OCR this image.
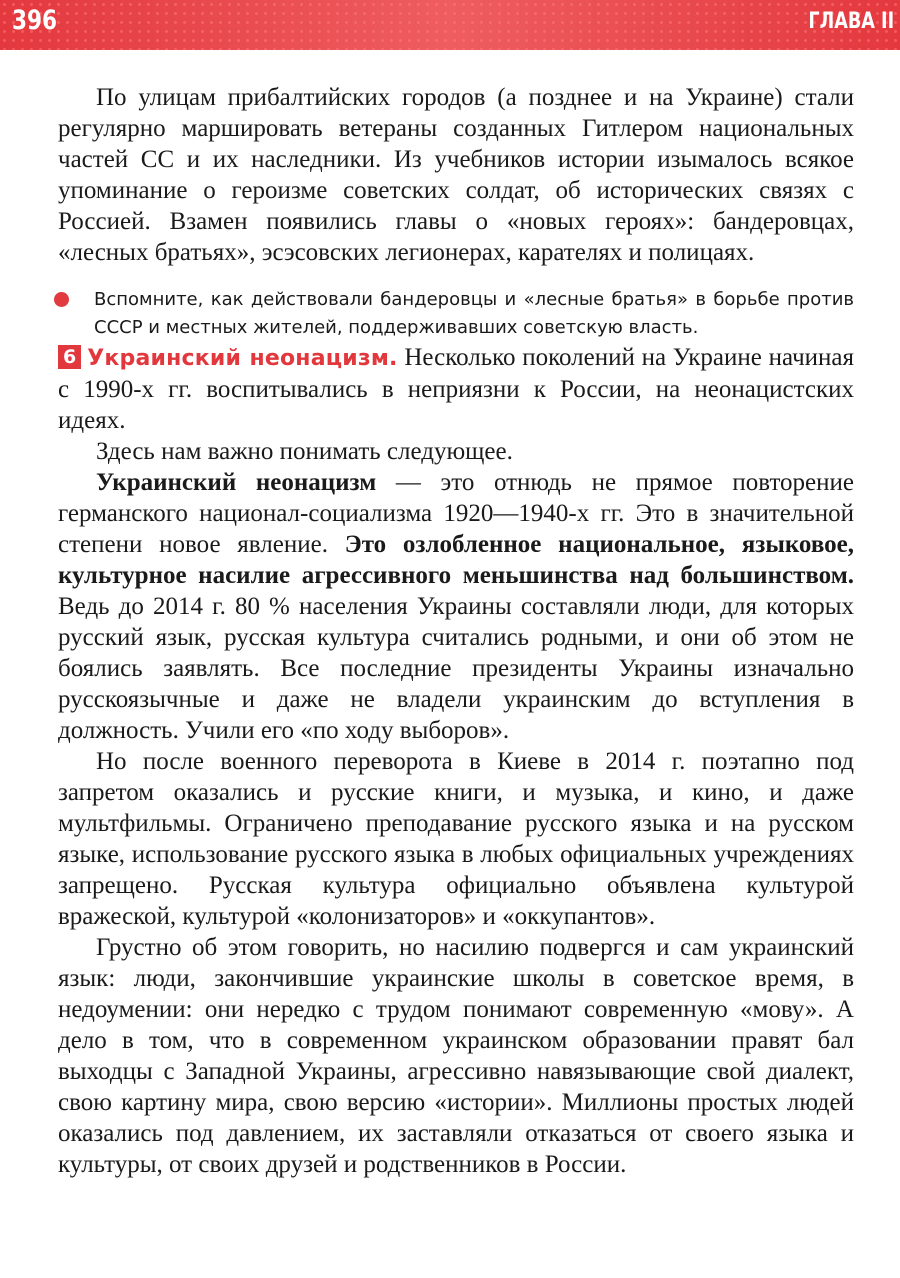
396	ГЛАВА II

По улицам прибалтийских городов (а позднее и на Украине) стали регулярно маршировать ветераны созданных Гитлером национальных частей СС и их наследники. Из учебников истории изымалось всякое упоминание о героизме советских солдат, об исторических связях с Россией. Взамен появились главы о «новых героях»: бандеровцах, «лесных братьях», эсэсовских легионерах, карателях и полицаях.

Вспомните, как действовали бандеровцы и «лесные братья» в борьбе против СССР и местных жителей, поддерживавших советскую власть.

6 Украинский неонацизм. Несколько поколений на Украине начиная с 1990-х гг. воспитывались в неприязни к России, на неонацистских идеях.

Здесь нам важно понимать следующее.

Украинский неонацизм — это отнюдь не прямое повторение германского национал-социализма 1920—1940-х гг. Это в значительной степени новое явление. Это озлобленное национальное, языковое, культурное насилие агрессивного меньшинства над большинством. Ведь до 2014 г. 80 % населения Украины составляли люди, для которых русский язык, русская культура считались родными, и они об этом не боялись заявлять. Все последние президенты Украины изначально русскоязычные и даже не владели украинским до вступления в должность. Учили его «по ходу выборов».

Но после военного переворота в Киеве в 2014 г. поэтапно под запретом оказались и русские книги, и музыка, и кино, и даже мультфильмы. Ограничено преподавание русского языка и на русском языке, использование русского языка в любых официальных учреждениях запрещено. Русская культура официально объявлена культурой вражеской, культурой «колонизаторов» и «оккупантов».

Грустно об этом говорить, но насилию подвергся и сам украинский язык: люди, закончившие украинские школы в советское время, в недоумении: они нередко с трудом понимают современную «мову». А дело в том, что в современном украинском образовании правят бал выходцы с Западной Украины, агрессивно навязывающие свой диалект, свою картину мира, свою версию «истории». Миллионы простых людей оказались под давлением, их заставляли отказаться от своего языка и культуры, от своих друзей и родственников в России.
